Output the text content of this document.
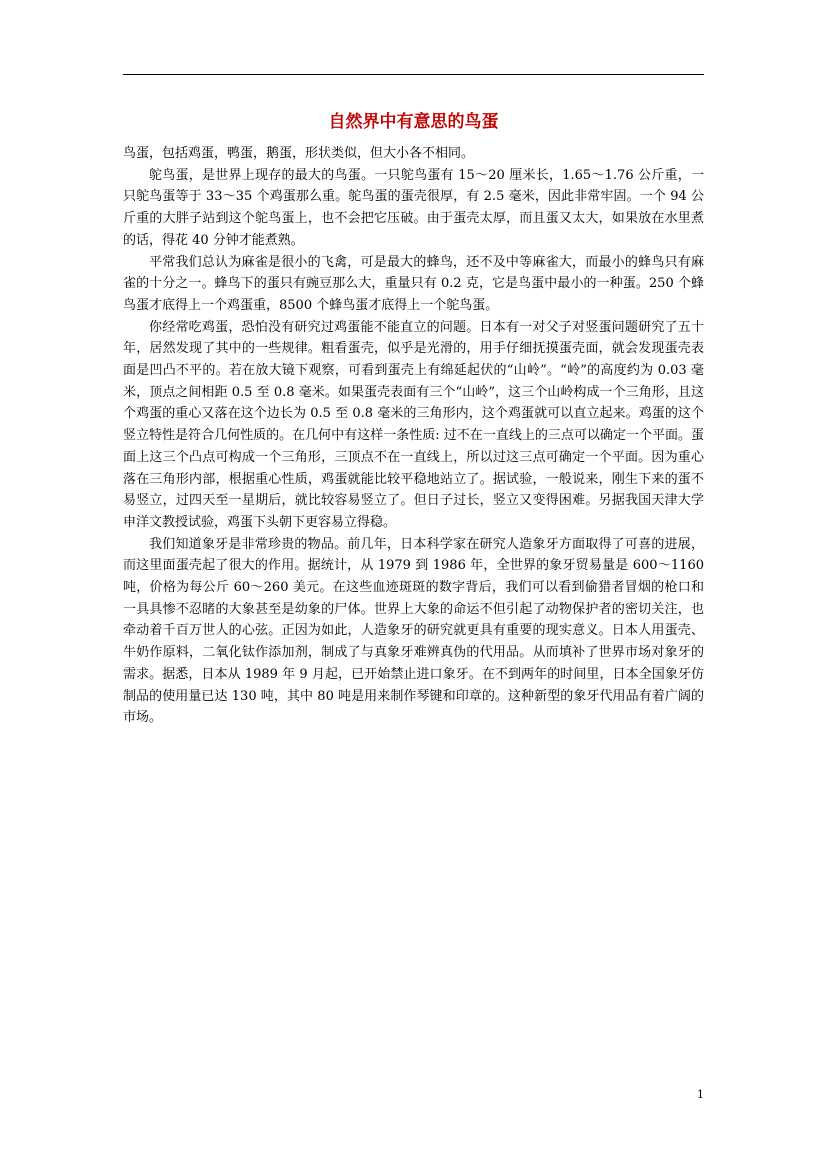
自然界中有意思的鸟蛋

鸟蛋，包括鸡蛋，鸭蛋，鹅蛋，形状类似，但大小各不相同。

鸵鸟蛋，是世界上现存的最大的鸟蛋。一只鸵鸟蛋有 15～20 厘米长，1.65～1.76 公斤重，一只鸵鸟蛋等于 33～35 个鸡蛋那么重。鸵鸟蛋的蛋壳很厚，有 2.5 毫米，因此非常牢固。一个 94 公斤重的大胖子站到这个鸵鸟蛋上，也不会把它压破。由于蛋壳太厚，而且蛋又太大，如果放在水里煮的话，得花 40 分钟才能煮熟。

平常我们总认为麻雀是很小的飞禽，可是最大的蜂鸟，还不及中等麻雀大，而最小的蜂鸟只有麻雀的十分之一。蜂鸟下的蛋只有豌豆那么大，重量只有 0.2 克，它是鸟蛋中最小的一种蛋。250 个蜂鸟蛋才底得上一个鸡蛋重，8500 个蜂鸟蛋才底得上一个鸵鸟蛋。

你经常吃鸡蛋，恐怕没有研究过鸡蛋能不能直立的问题。日本有一对父子对竖蛋问题研究了五十年，居然发现了其中的一些规律。粗看蛋壳，似乎是光滑的，用手仔细抚摸蛋壳面，就会发现蛋壳表面是凹凸不平的。若在放大镜下观察，可看到蛋壳上有绵延起伏的“山岭”。“岭”的高度约为 0.03 毫米，顶点之间相距 0.5 至 0.8 毫米。如果蛋壳表面有三个“山岭”，这三个山岭构成一个三角形，且这个鸡蛋的重心又落在这个边长为 0.5 至 0.8 毫米的三角形内，这个鸡蛋就可以直立起来。鸡蛋的这个竖立特性是符合几何性质的。在几何中有这样一条性质: 过不在一直线上的三点可以确定一个平面。蛋面上这三个凸点可构成一个三角形，三顶点不在一直线上，所以过这三点可确定一个平面。因为重心落在三角形内部，根据重心性质，鸡蛋就能比较平稳地站立了。据试验，一般说来，刚生下来的蛋不易竖立，过四天至一星期后，就比较容易竖立了。但日子过长，竖立又变得困难。另据我国天津大学申洋文教授试验，鸡蛋下头朝下更容易立得稳。

我们知道象牙是非常珍贵的物品。前几年，日本科学家在研究人造象牙方面取得了可喜的进展，而这里面蛋壳起了很大的作用。据统计，从 1979 到 1986 年，全世界的象牙贸易量是 600～1160 吨，价格为每公斤 60～260 美元。在这些血迹斑斑的数字背后，我们可以看到偷猎者冒烟的枪口和一具具惨不忍睹的大象甚至是幼象的尸体。世界上大象的命运不但引起了动物保护者的密切关注，也牵动着千百万世人的心弦。正因为如此，人造象牙的研究就更具有重要的现实意义。日本人用蛋壳、牛奶作原料，二氧化钛作添加剂，制成了与真象牙难辨真伪的代用品。从而填补了世界市场对象牙的需求。据悉，日本从 1989 年 9 月起，已开始禁止进口象牙。在不到两年的时间里，日本全国象牙仿制品的使用量已达 130 吨，其中 80 吨是用来制作琴键和印章的。这种新型的象牙代用品有着广阔的市场。

1
